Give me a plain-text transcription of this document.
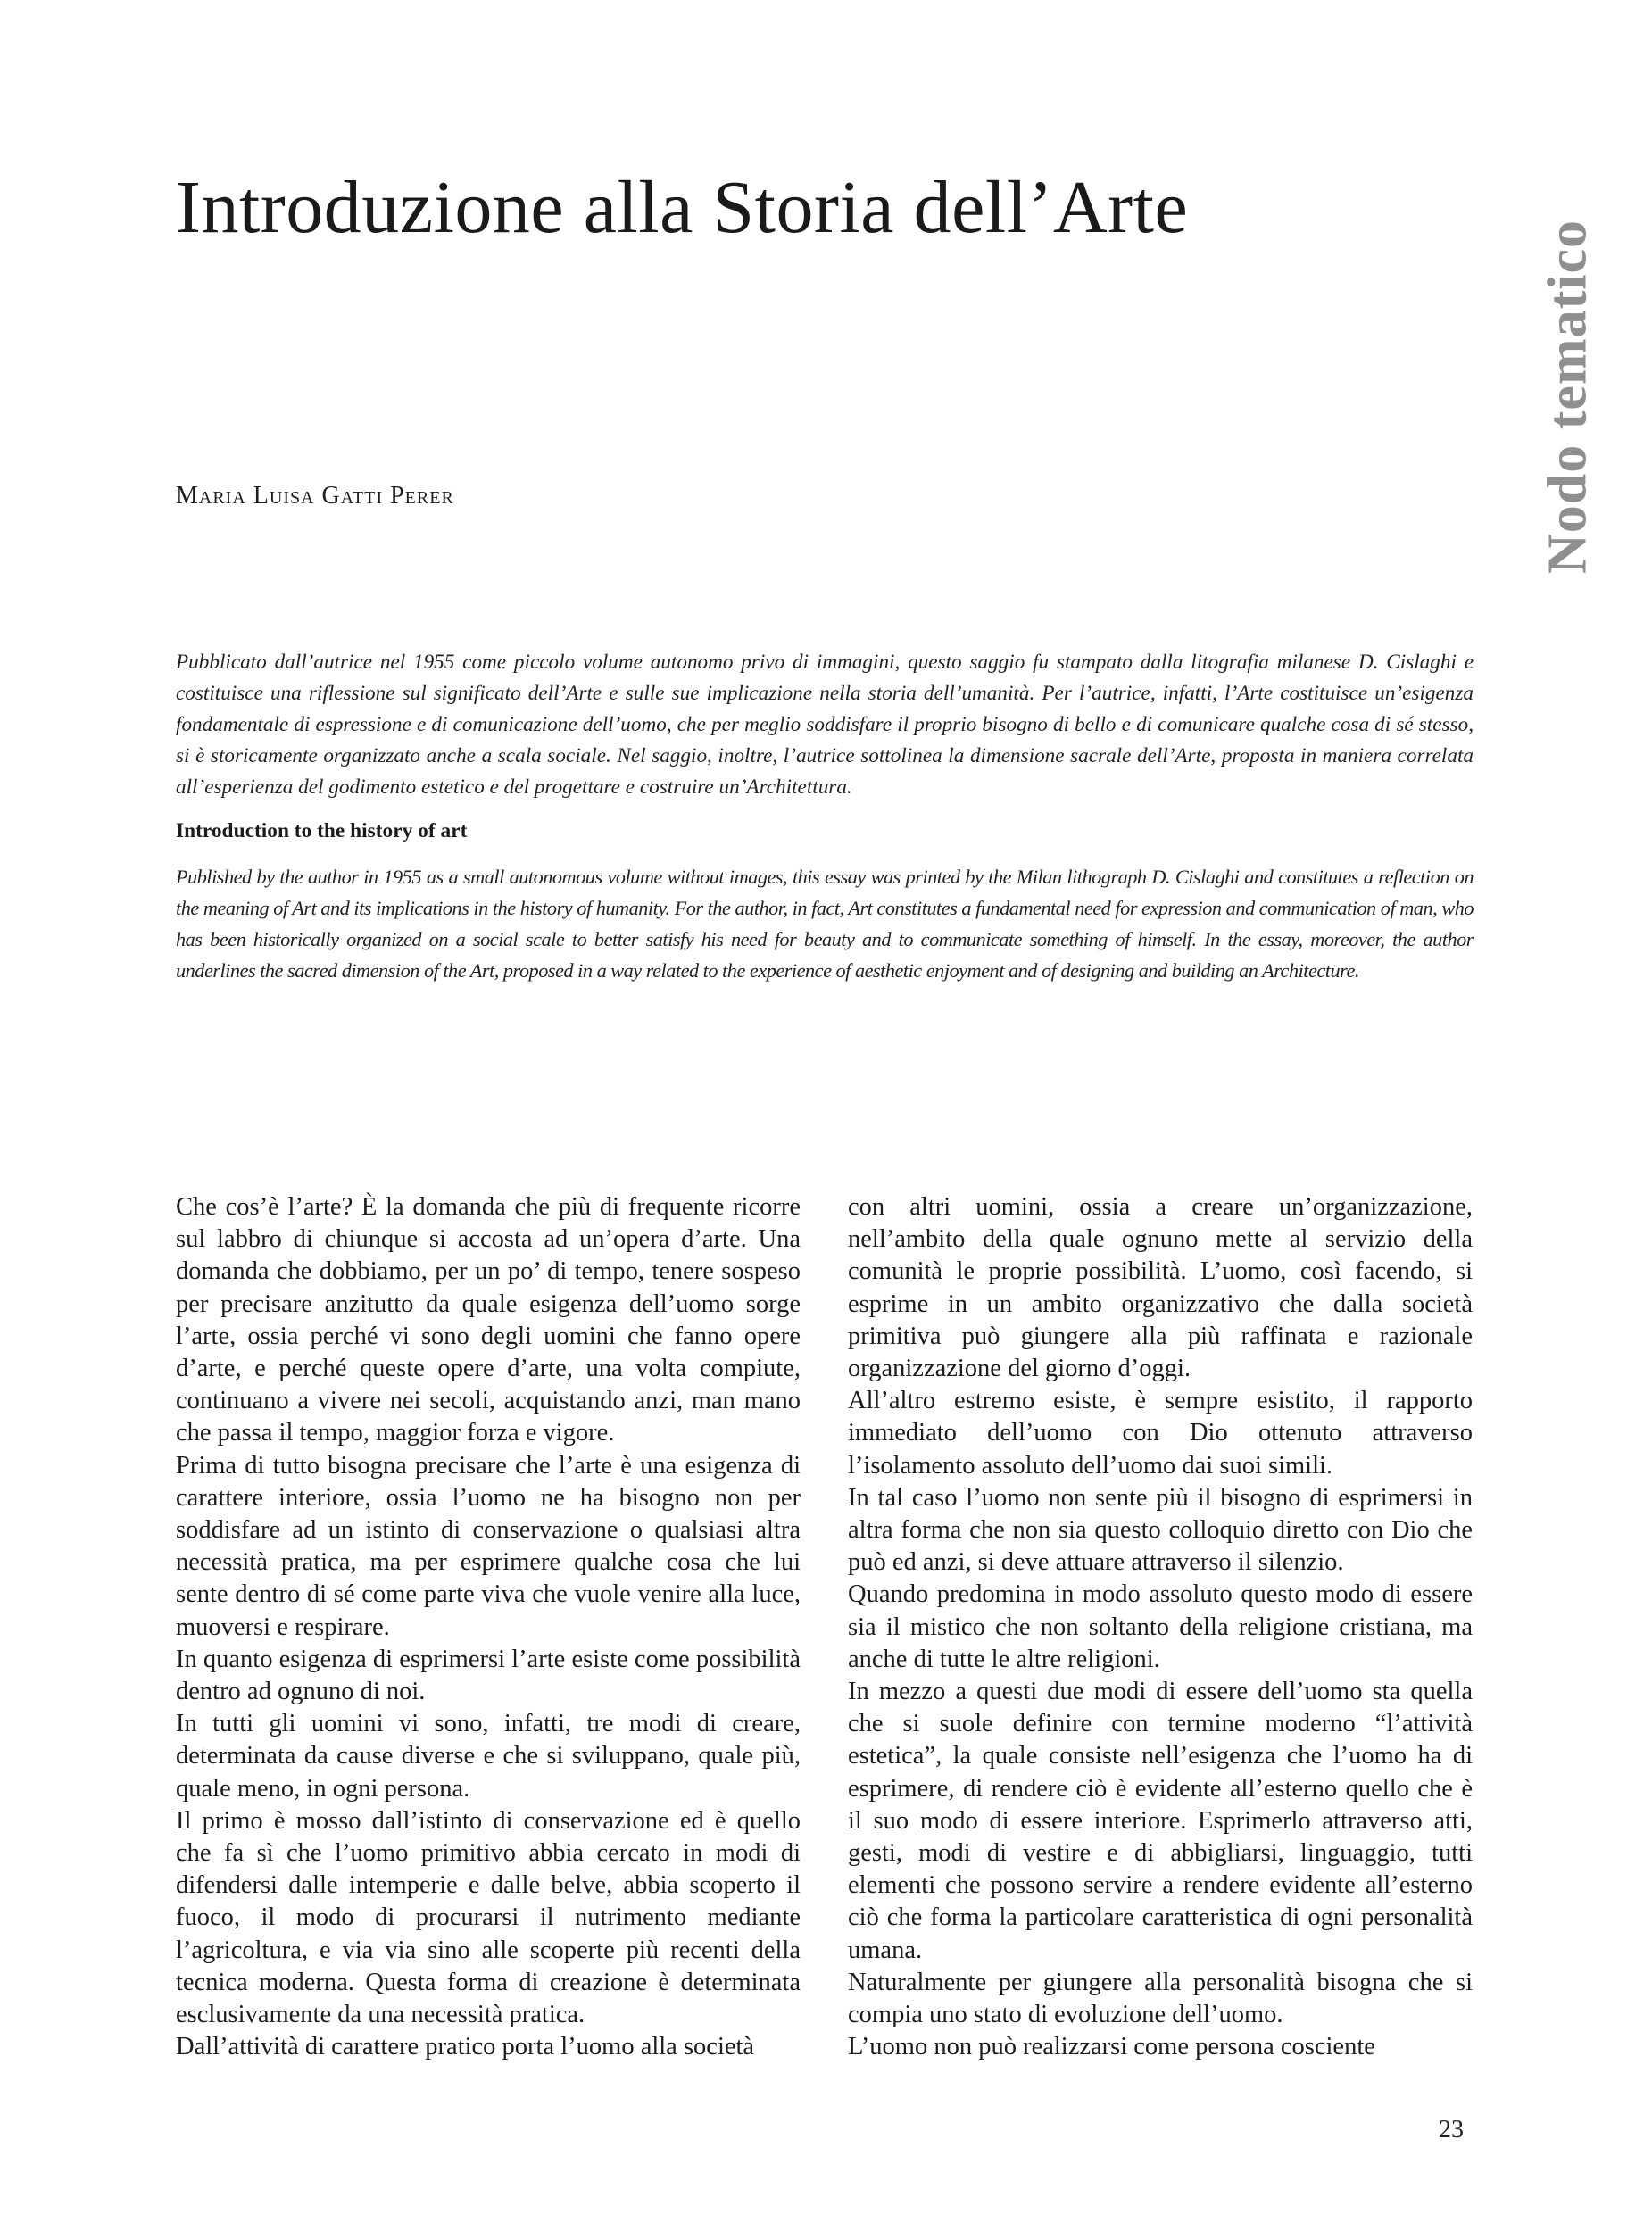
Introduzione alla Storia dell’Arte
Nodo tematico
Maria Luisa Gatti Perer

Pubblicato dall’autrice nel 1955 come piccolo volume autonomo privo di immagini, questo saggio fu stampato dalla litografia milanese D. Cislaghi e costituisce una riflessione sul significato dell’Arte e sulle sue implicazione nella storia dell’umanità. Per l’autrice, infatti, l’Arte costituisce un’esigenza fondamentale di espressione e di comunicazione dell’uomo, che per meglio soddisfare il proprio bisogno di bello e di comunicare qualche cosa di sé stesso, si è storicamente organizzato anche a scala sociale. Nel saggio, inoltre, l’autrice sottolinea la dimensione sacrale dell’Arte, proposta in maniera correlata all’esperienza del godimento estetico e del progettare e costruire un’Architettura.

Introduction to the history of art

Published by the author in 1955 as a small autonomous volume without images, this essay was printed by the Milan lithograph D. Cislaghi and constitutes a reflection on the meaning of Art and its implications in the history of humanity. For the author, in fact, Art constitutes a fundamental need for expression and communication of man, who has been historically organized on a social scale to better satisfy his need for beauty and to communicate something of himself. In the essay, moreover, the author underlines the sacred dimension of the Art, proposed in a way related to the experience of aesthetic enjoyment and of designing and building an Architecture.

Che cos’è l’arte? È la domanda che più di frequente ricorre sul labbro di chiunque si accosta ad un’opera d’arte. Una domanda che dobbiamo, per un po’ di tempo, tenere sospeso per precisare anzitutto da quale esigenza dell’uomo sorge l’arte, ossia perché vi sono degli uomini che fanno opere d’arte, e perché queste opere d’arte, una volta compiute, continuano a vivere nei secoli, acquistando anzi, man mano che passa il tempo, maggior forza e vigore.

Prima di tutto bisogna precisare che l’arte è una esigenza di carattere interiore, ossia l’uomo ne ha bisogno non per soddisfare ad un istinto di conservazione o qualsiasi altra necessità pratica, ma per esprimere qualche cosa che lui sente dentro di sé come parte viva che vuole venire alla luce, muoversi e respirare.

In quanto esigenza di esprimersi l’arte esiste come possibilità dentro ad ognuno di noi.

In tutti gli uomini vi sono, infatti, tre modi di creare, determinata da cause diverse e che si sviluppano, quale più, quale meno, in ogni persona.

Il primo è mosso dall’istinto di conservazione ed è quello che fa sì che l’uomo primitivo abbia cercato in modi di difendersi dalle intemperie e dalle belve, abbia scoperto il fuoco, il modo di procurarsi il nutrimento mediante l’agricoltura, e via via sino alle scoperte più recenti della tecnica moderna. Questa forma di creazione è determinata esclusivamente da una necessità pratica.

Dall’attività di carattere pratico porta l’uomo alla società

con altri uomini, ossia a creare un’organizzazione, nell’ambito della quale ognuno mette al servizio della comunità le proprie possibilità. L’uomo, così facendo, si esprime in un ambito organizzativo che dalla società primitiva può giungere alla più raffinata e razionale organizzazione del giorno d’oggi.

All’altro estremo esiste, è sempre esistito, il rapporto immediato dell’uomo con Dio ottenuto attraverso l’isolamento assoluto dell’uomo dai suoi simili.

In tal caso l’uomo non sente più il bisogno di esprimersi in altra forma che non sia questo colloquio diretto con Dio che può ed anzi, si deve attuare attraverso il silenzio.

Quando predomina in modo assoluto questo modo di essere sia il mistico che non soltanto della religione cristiana, ma anche di tutte le altre religioni.

In mezzo a questi due modi di essere dell’uomo sta quella che si suole definire con termine moderno “l’attività estetica”, la quale consiste nell’esigenza che l’uomo ha di esprimere, di rendere ciò è evidente all’esterno quello che è il suo modo di essere interiore. Esprimerlo attraverso atti, gesti, modi di vestire e di abbigliarsi, linguaggio, tutti elementi che possono servire a rendere evidente all’esterno ciò che forma la particolare caratteristica di ogni personalità umana.

Naturalmente per giungere alla personalità bisogna che si compia uno stato di evoluzione dell’uomo.

L’uomo non può realizzarsi come persona cosciente

23
